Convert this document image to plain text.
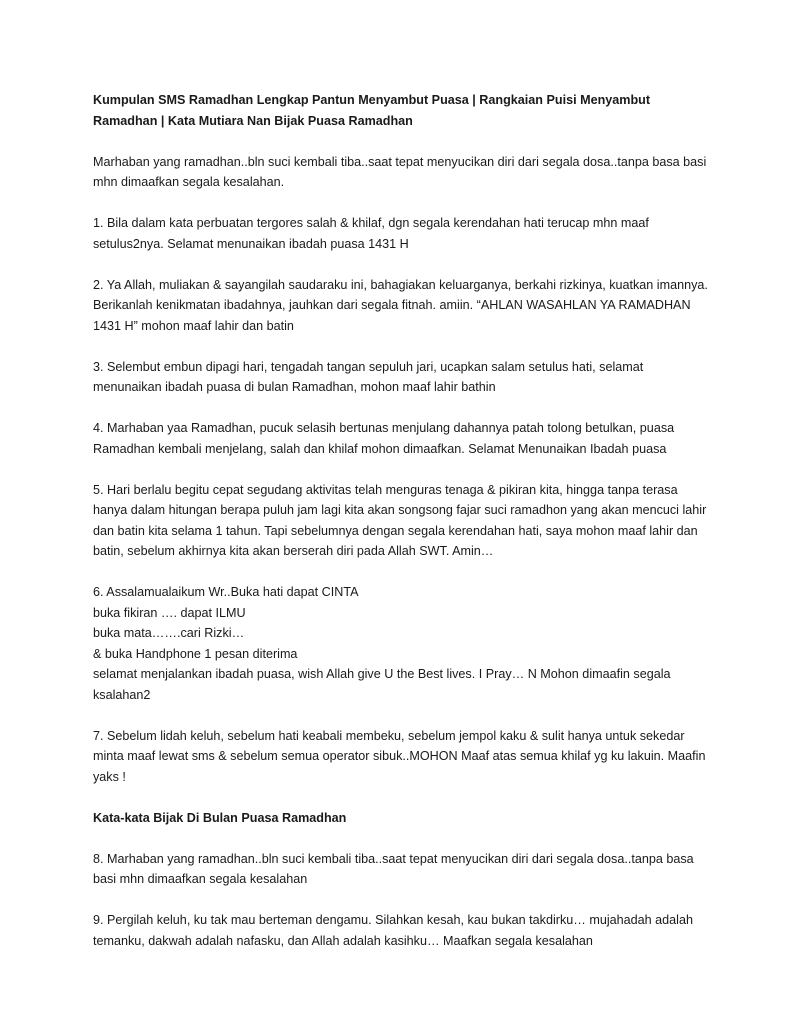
Kumpulan SMS Ramadhan Lengkap Pantun Menyambut Puasa | Rangkaian Puisi Menyambut Ramadhan | Kata Mutiara Nan Bijak Puasa Ramadhan

Marhaban yang ramadhan..bln suci kembali tiba..saat tepat menyucikan diri dari segala dosa..tanpa basa basi mhn dimaafkan segala kesalahan.

1. Bila dalam kata perbuatan tergores salah & khilaf, dgn segala kerendahan hati terucap mhn maaf setulus2nya. Selamat menunaikan ibadah puasa 1431 H

2. Ya Allah, muliakan & sayangilah saudaraku ini, bahagiakan keluarganya, berkahi rizkinya, kuatkan imannya. Berikanlah kenikmatan ibadahnya, jauhkan dari segala fitnah. amiin. “AHLAN WASAHLAN YA RAMADHAN 1431 H” mohon maaf lahir dan batin

3. Selembut embun dipagi hari, tengadah tangan sepuluh jari, ucapkan salam setulus hati, selamat menunaikan ibadah puasa di bulan Ramadhan, mohon maaf lahir bathin

4. Marhaban yaa Ramadhan, pucuk selasih bertunas menjulang dahannya patah tolong betulkan, puasa Ramadhan kembali menjelang, salah dan khilaf mohon dimaafkan. Selamat Menunaikan Ibadah puasa

5. Hari berlalu begitu cepat segudang aktivitas telah menguras tenaga & pikiran kita, hingga tanpa terasa hanya dalam hitungan berapa puluh jam lagi kita akan songsong fajar suci ramadhon yang akan mencuci lahir dan batin kita selama 1 tahun. Tapi sebelumnya dengan segala kerendahan hati, saya mohon maaf lahir dan batin, sebelum akhirnya kita akan berserah diri pada Allah SWT. Amin…

6. Assalamualaikum Wr..Buka hati dapat CINTA
buka fikiran …. dapat ILMU
buka mata…….cari Rizki…
& buka Handphone 1 pesan diterima
selamat menjalankan ibadah puasa, wish Allah give U the Best lives. I Pray… N Mohon dimaafin segala ksalahan2

7. Sebelum lidah keluh, sebelum hati keabali membeku, sebelum jempol kaku & sulit hanya untuk sekedar minta maaf lewat sms & sebelum semua operator sibuk..MOHON Maaf atas semua khilaf yg ku lakuin. Maafin yaks !

Kata-kata Bijak Di Bulan Puasa Ramadhan

8. Marhaban yang ramadhan..bln suci kembali tiba..saat tepat menyucikan diri dari segala dosa..tanpa basa basi mhn dimaafkan segala kesalahan

9. Pergilah keluh, ku tak mau berteman dengamu. Silahkan kesah, kau bukan takdirku… mujahadah adalah temanku, dakwah adalah nafasku, dan Allah adalah kasihku… Maafkan segala kesalahan
